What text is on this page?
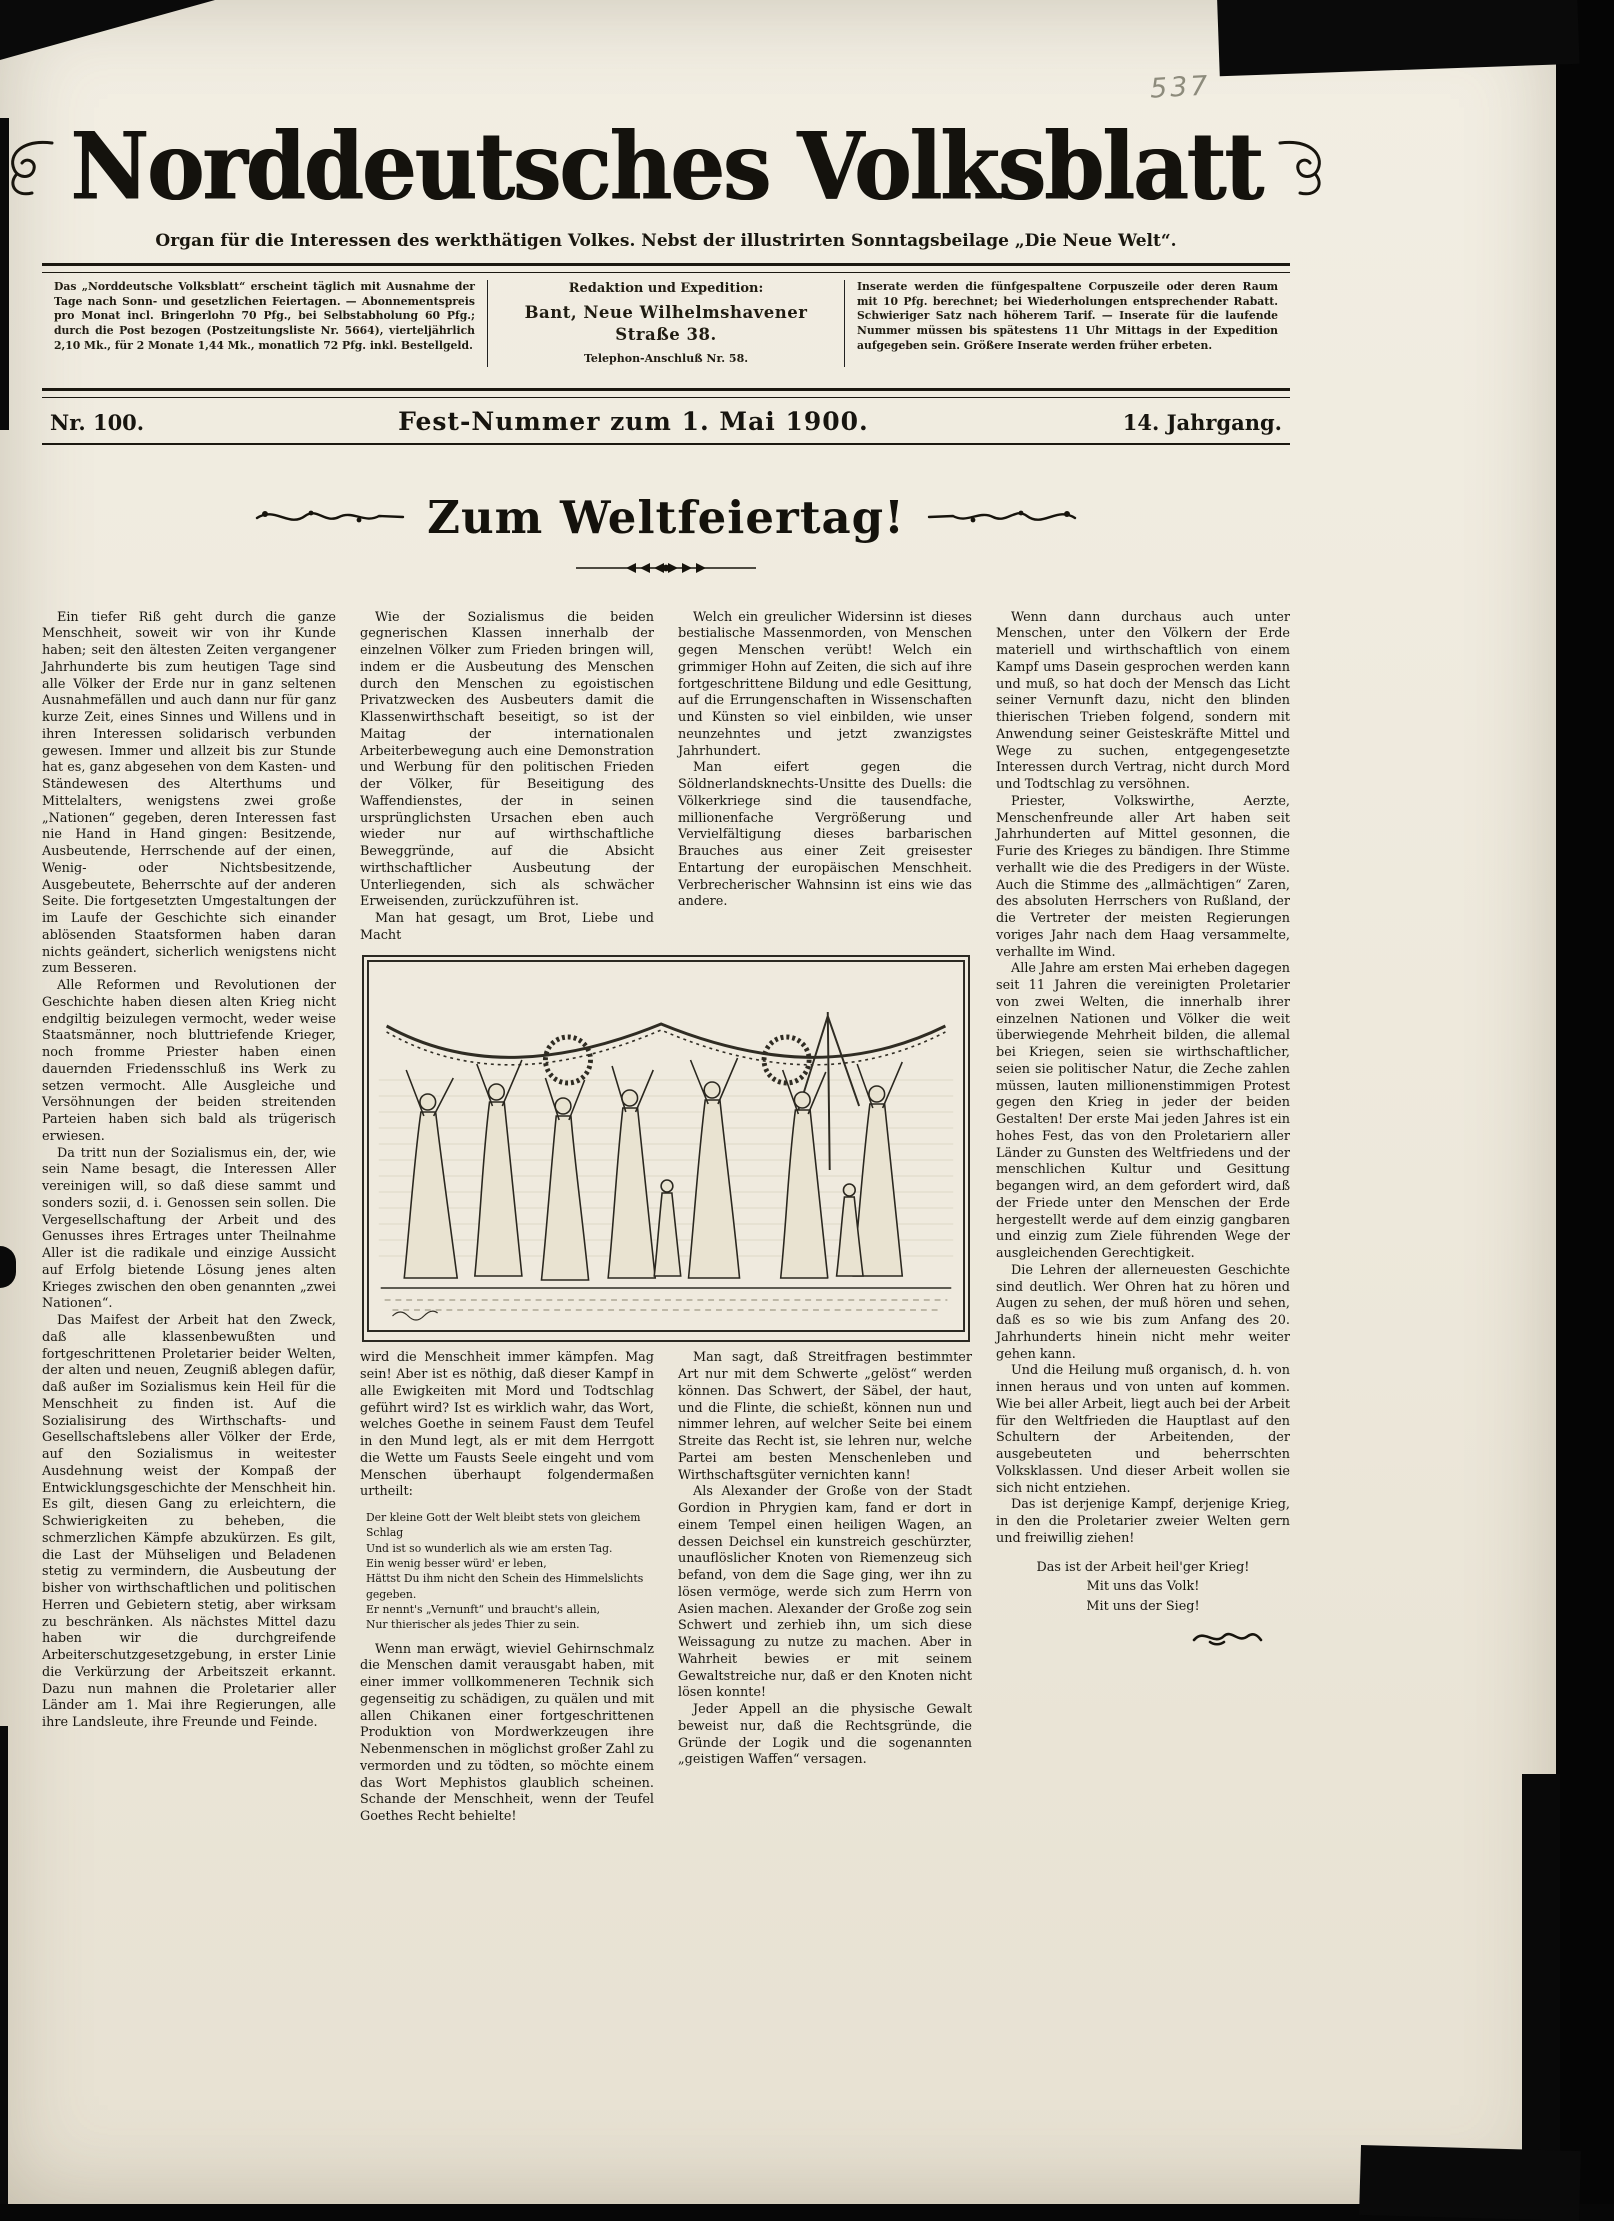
Norddeutsches Volksblatt
Organ für die Interessen des werkthätigen Volkes. Nebst der illustrirten Sonntagsbeilage „Die Neue Welt“.
Das „Norddeutsche Volksblatt“ erscheint täglich mit Ausnahme der Tage nach Sonn- und gesetzlichen Feiertagen. — Abonnementspreis pro Monat incl. Bringerlohn 70 Pfg., bei Selbstabholung 60 Pfg.; durch die Post bezogen (Postzeitungsliste Nr. 5664), vierteljährlich 2,10 Mk., für 2 Monate 1,44 Mk., monatlich 72 Pfg. inkl. Bestellgeld.
Redaktion und Expedition:
Bant, Neue Wilhelmshavener Straße 38.
Telephon-Anschluß Nr. 58.
Inserate werden die fünfgespaltene Corpuszeile oder deren Raum mit 10 Pfg. berechnet; bei Wiederholungen entsprechender Rabatt. Schwieriger Satz nach höherem Tarif. — Inserate für die laufende Nummer müssen bis spätestens 11 Uhr Mittags in der Expedition aufgegeben sein. Größere Inserate werden früher erbeten.
Nr. 100.	Fest-Nummer zum 1. Mai 1900.	14. Jahrgang.
Zum Weltfeiertag!

Ein tiefer Riß geht durch die ganze Menschheit, soweit wir von ihr Kunde haben; seit den ältesten Zeiten vergangener Jahrhunderte bis zum heutigen Tage sind alle Völker der Erde nur in ganz seltenen Ausnahmefällen und auch dann nur für ganz kurze Zeit, eines Sinnes und Willens und in ihren Interessen solidarisch verbunden gewesen. Immer und allzeit bis zur Stunde hat es, ganz abgesehen von dem Kasten- und Ständewesen des Alterthums und Mittelalters, wenigstens zwei große „Nationen“ gegeben, deren Interessen fast nie Hand in Hand gingen: Besitzende, Ausbeutende, Herrschende auf der einen, Wenig- oder Nichtsbesitzende, Ausgebeutete, Beherrschte auf der anderen Seite. Die fortgesetzten Umgestaltungen der im Laufe der Geschichte sich einander ablösenden Staatsformen haben daran nichts geändert, sicherlich wenigstens nicht zum Besseren.

Alle Reformen und Revolutionen der Geschichte haben diesen alten Krieg nicht endgiltig beizulegen vermocht, weder weise Staatsmänner, noch bluttriefende Krieger, noch fromme Priester haben einen dauernden Friedensschluß ins Werk zu setzen vermocht. Alle Ausgleiche und Versöhnungen der beiden streitenden Parteien haben sich bald als trügerisch erwiesen.

Da tritt nun der Sozialismus ein, der, wie sein Name besagt, die Interessen Aller vereinigen will, so daß diese sammt und sonders sozii, d. i. Genossen sein sollen. Die Vergesellschaftung der Arbeit und des Genusses ihres Ertrages unter Theilnahme Aller ist die radikale und einzige Aussicht auf Erfolg bietende Lösung jenes alten Krieges zwischen den oben genannten „zwei Nationen“.

Das Maifest der Arbeit hat den Zweck, daß alle klassenbewußten und fortgeschrittenen Proletarier beider Welten, der alten und neuen, Zeugniß ablegen dafür, daß außer im Sozialismus kein Heil für die Menschheit zu finden ist. Auf die Sozialisirung des Wirthschafts- und Gesellschaftslebens aller Völker der Erde, auf den Sozialismus in weitester Ausdehnung weist der Kompaß der Entwicklungsgeschichte der Menschheit hin. Es gilt, diesen Gang zu erleichtern, die Schwierigkeiten zu beheben, die schmerzlichen Kämpfe abzukürzen. Es gilt, die Last der Mühseligen und Beladenen stetig zu vermindern, die Ausbeutung der bisher von wirthschaftlichen und politischen Herren und Gebietern stetig, aber wirksam zu beschränken. Als nächstes Mittel dazu haben wir die durchgreifende Arbeiterschutzgesetzgebung, in erster Linie die Verkürzung der Arbeitszeit erkannt. Dazu nun mahnen die Proletarier aller Länder am 1. Mai ihre Regierungen, alle ihre Landsleute, ihre Freunde und Feinde.

Wie der Sozialismus die beiden gegnerischen Klassen innerhalb der einzelnen Völker zum Frieden bringen will, indem er die Ausbeutung des Menschen durch den Menschen zu egoistischen Privatzwecken des Ausbeuters damit die Klassenwirthschaft beseitigt, so ist der Maitag der internationalen Arbeiterbewegung auch eine Demonstration und Werbung für den politischen Frieden der Völker, für Beseitigung des Waffendienstes, der in seinen ursprünglichsten Ursachen eben auch wieder nur auf wirthschaftliche Beweggründe, auf die Absicht wirthschaftlicher Ausbeutung der Unterliegenden, sich als schwächer Erweisenden, zurückzuführen ist.

Man hat gesagt, um Brot, Liebe und Macht

Welch ein greulicher Widersinn ist dieses bestialische Massenmorden, von Menschen gegen Menschen verübt! Welch ein grimmiger Hohn auf Zeiten, die sich auf ihre fortgeschrittene Bildung und edle Gesittung, auf die Errungenschaften in Wissenschaften und Künsten so viel einbilden, wie unser neunzehntes und jetzt zwanzigstes Jahrhundert.

Man eifert gegen die Söldnerlandsknechts-Unsitte des Duells: die Völkerkriege sind die tausendfache, millionenfache Vergrößerung und Vervielfältigung dieses barbarischen Brauches aus einer Zeit greisester Entartung der europäischen Menschheit. Verbrecherischer Wahnsinn ist eins wie das andere.

Wenn dann durchaus auch unter Menschen, unter den Völkern der Erde materiell und wirthschaftlich von einem Kampf ums Dasein gesprochen werden kann und muß, so hat doch der Mensch das Licht seiner Vernunft dazu, nicht den blinden thierischen Trieben folgend, sondern mit Anwendung seiner Geisteskräfte Mittel und Wege zu suchen, entgegengesetzte Interessen durch Vertrag, nicht durch Mord und Todtschlag zu versöhnen.

Priester, Volkswirthe, Aerzte, Menschenfreunde aller Art haben seit Jahrhunderten auf Mittel gesonnen, die Furie des Krieges zu bändigen. Ihre Stimme verhallt wie die des Predigers in der Wüste. Auch die Stimme des „allmächtigen“ Zaren, des absoluten Herrschers von Rußland, der die Vertreter der meisten Regierungen voriges Jahr nach dem Haag versammelte, verhallte im Wind.

Alle Jahre am ersten Mai erheben dagegen seit 11 Jahren die vereinigten Proletarier von zwei Welten, die innerhalb ihrer einzelnen Nationen und Völker die weit überwiegende Mehrheit bilden, die allemal bei Kriegen, seien sie wirthschaftlicher, seien sie politischer Natur, die Zeche zahlen müssen, lauten millionenstimmigen Protest gegen den Krieg in jeder der beiden Gestalten! Der erste Mai jeden Jahres ist ein hohes Fest, das von den Proletariern aller Länder zu Gunsten des Weltfriedens und der menschlichen Kultur und Gesittung begangen wird, an dem gefordert wird, daß der Friede unter den Menschen der Erde hergestellt werde auf dem einzig gangbaren und einzig zum Ziele führenden Wege der ausgleichenden Gerechtigkeit.

Die Lehren der allerneuesten Geschichte sind deutlich. Wer Ohren hat zu hören und Augen zu sehen, der muß hören und sehen, daß es so wie bis zum Anfang des 20. Jahrhunderts hinein nicht mehr weiter gehen kann.

Und die Heilung muß organisch, d. h. von innen heraus und von unten auf kommen. Wie bei aller Arbeit, liegt auch bei der Arbeit für den Weltfrieden die Hauptlast auf den Schultern der Arbeitenden, der ausgebeuteten und beherrschten Volksklassen. Und dieser Arbeit wollen sie sich nicht entziehen.

Das ist derjenige Kampf, derjenige Krieg, in den die Proletarier zweier Welten gern und freiwillig ziehen!

Das ist der Arbeit heil'ger Krieg!

Mit uns das Volk!

Mit uns der Sieg!

wird die Menschheit immer kämpfen. Mag sein! Aber ist es nöthig, daß dieser Kampf in alle Ewigkeiten mit Mord und Todtschlag geführt wird? Ist es wirklich wahr, das Wort, welches Goethe in seinem Faust dem Teufel in den Mund legt, als er mit dem Herrgott die Wette um Fausts Seele eingeht und vom Menschen überhaupt folgendermaßen urtheilt:

Der kleine Gott der Welt bleibt stets von gleichem Schlag

Und ist so wunderlich als wie am ersten Tag.

Ein wenig besser würd' er leben,

Hättst Du ihm nicht den Schein des Himmelslichts gegeben.

Er nennt's „Vernunft“ und braucht's allein,

Nur thierischer als jedes Thier zu sein.

Wenn man erwägt, wieviel Gehirnschmalz die Menschen damit verausgabt haben, mit einer immer vollkommeneren Technik sich gegenseitig zu schädigen, zu quälen und mit allen Chikanen einer fortgeschrittenen Produktion von Mordwerkzeugen ihre Nebenmenschen in möglichst großer Zahl zu vermorden und zu tödten, so möchte einem das Wort Mephistos glaublich scheinen. Schande der Menschheit, wenn der Teufel Goethes Recht behielte!

Man sagt, daß Streitfragen bestimmter Art nur mit dem Schwerte „gelöst“ werden können. Das Schwert, der Säbel, der haut, und die Flinte, die schießt, können nun und nimmer lehren, auf welcher Seite bei einem Streite das Recht ist, sie lehren nur, welche Partei am besten Menschenleben und Wirthschaftsgüter vernichten kann!

Als Alexander der Große von der Stadt Gordion in Phrygien kam, fand er dort in einem Tempel einen heiligen Wagen, an dessen Deichsel ein kunstreich geschürzter, unauflöslicher Knoten von Riemenzeug sich befand, von dem die Sage ging, wer ihn zu lösen vermöge, werde sich zum Herrn von Asien machen. Alexander der Große zog sein Schwert und zerhieb ihn, um sich diese Weissagung zu nutze zu machen. Aber in Wahrheit bewies er mit seinem Gewaltstreiche nur, daß er den Knoten nicht lösen konnte!

Jeder Appell an die physische Gewalt beweist nur, daß die Rechtsgründe, die Gründe der Logik und die sogenannten „geistigen Waffen“ versagen.

537
